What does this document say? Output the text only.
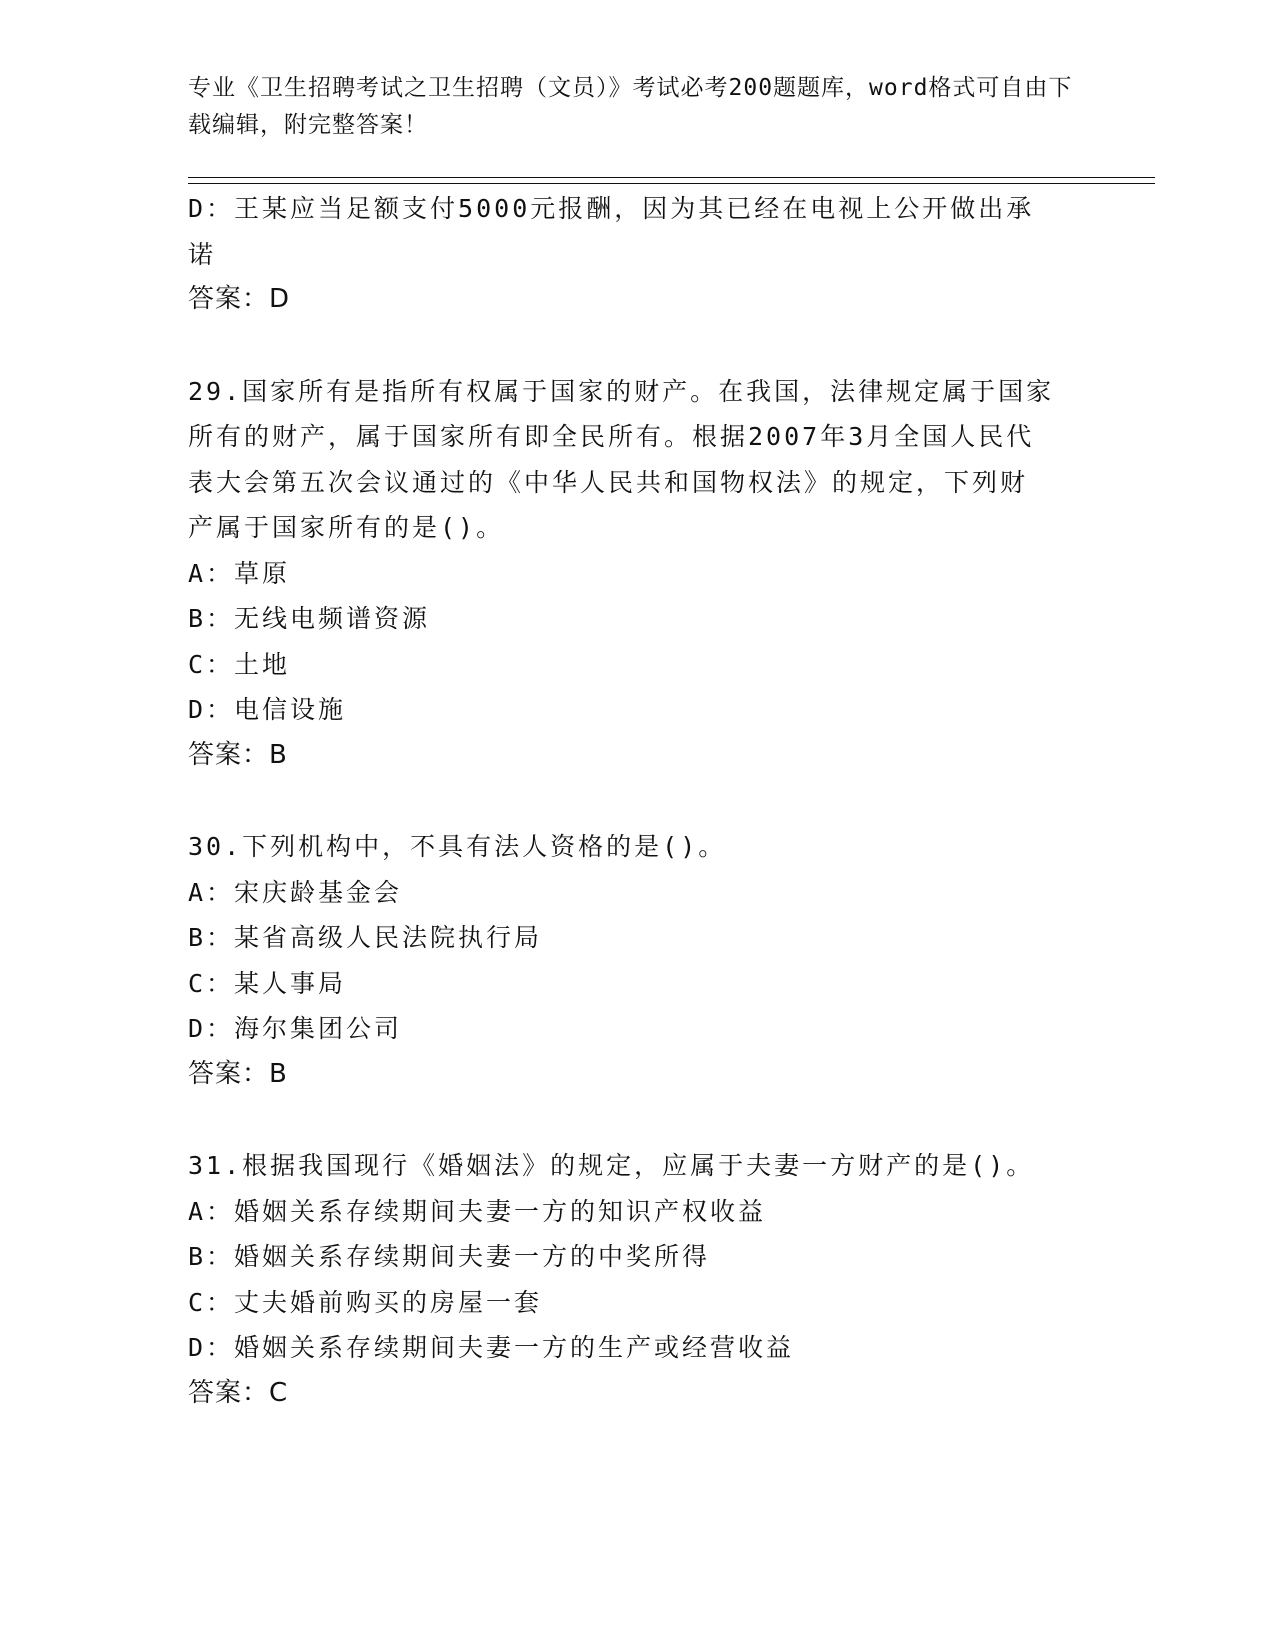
专业《卫生招聘考试之卫生招聘（文员）》考试必考200题题库，word格式可自由下载编辑，附完整答案！
D：王某应当足额支付5000元报酬，因为其已经在电视上公开做出承
诺
答案：D
29.国家所有是指所有权属于国家的财产。在我国，法律规定属于国家
所有的财产，属于国家所有即全民所有。根据2007年3月全国人民代
表大会第五次会议通过的《中华人民共和国物权法》的规定，下列财
产属于国家所有的是()。
A：草原
B：无线电频谱资源
C：土地
D：电信设施
答案：B
30.下列机构中，不具有法人资格的是()。
A：宋庆龄基金会
B：某省高级人民法院执行局
C：某人事局
D：海尔集团公司
答案：B
31.根据我国现行《婚姻法》的规定，应属于夫妻一方财产的是()。
A：婚姻关系存续期间夫妻一方的知识产权收益
B：婚姻关系存续期间夫妻一方的中奖所得
C：丈夫婚前购买的房屋一套
D：婚姻关系存续期间夫妻一方的生产或经营收益
答案：C
